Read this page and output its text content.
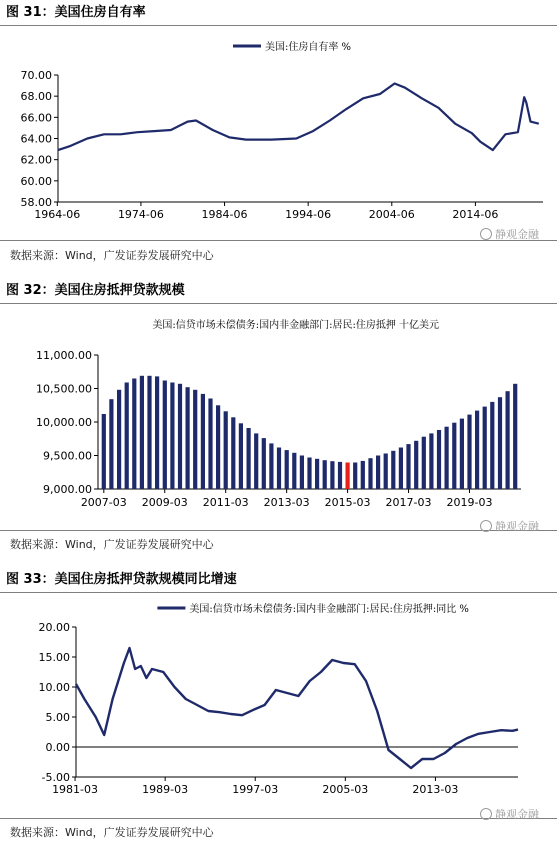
图 31：美国住房自有率
58.00
60.00
62.00
64.00
66.00
68.00
70.00
1964-06	1974-06	1984-06	1994-06	2004-06	2014-06
美国:住房自有率 %
数据来源：Wind，广发证券发展研究中心
静观金融
图 32：美国住房抵押贷款规模
9,000.00
9,500.00
10,000.00
10,500.00
11,000.00
2007-03 2009-03 2011-03 2013-03 2015-03 2017-03 2019-03
美国:信贷市场未偿债务:国内非金融部门:居民:住房抵押 十亿美元
数据来源：Wind，广发证券发展研究中心
静观金融
图 33：美国住房抵押贷款规模同比增速
-5.00
0.00
5.00
10.00
15.00
20.00
1981-03	1989-03	1997-03	2005-03	2013-03
美国:信贷市场未偿债务:国内非金融部门:居民:住房抵押:同比 %
数据来源：Wind，广发证券发展研究中心
静观金融
